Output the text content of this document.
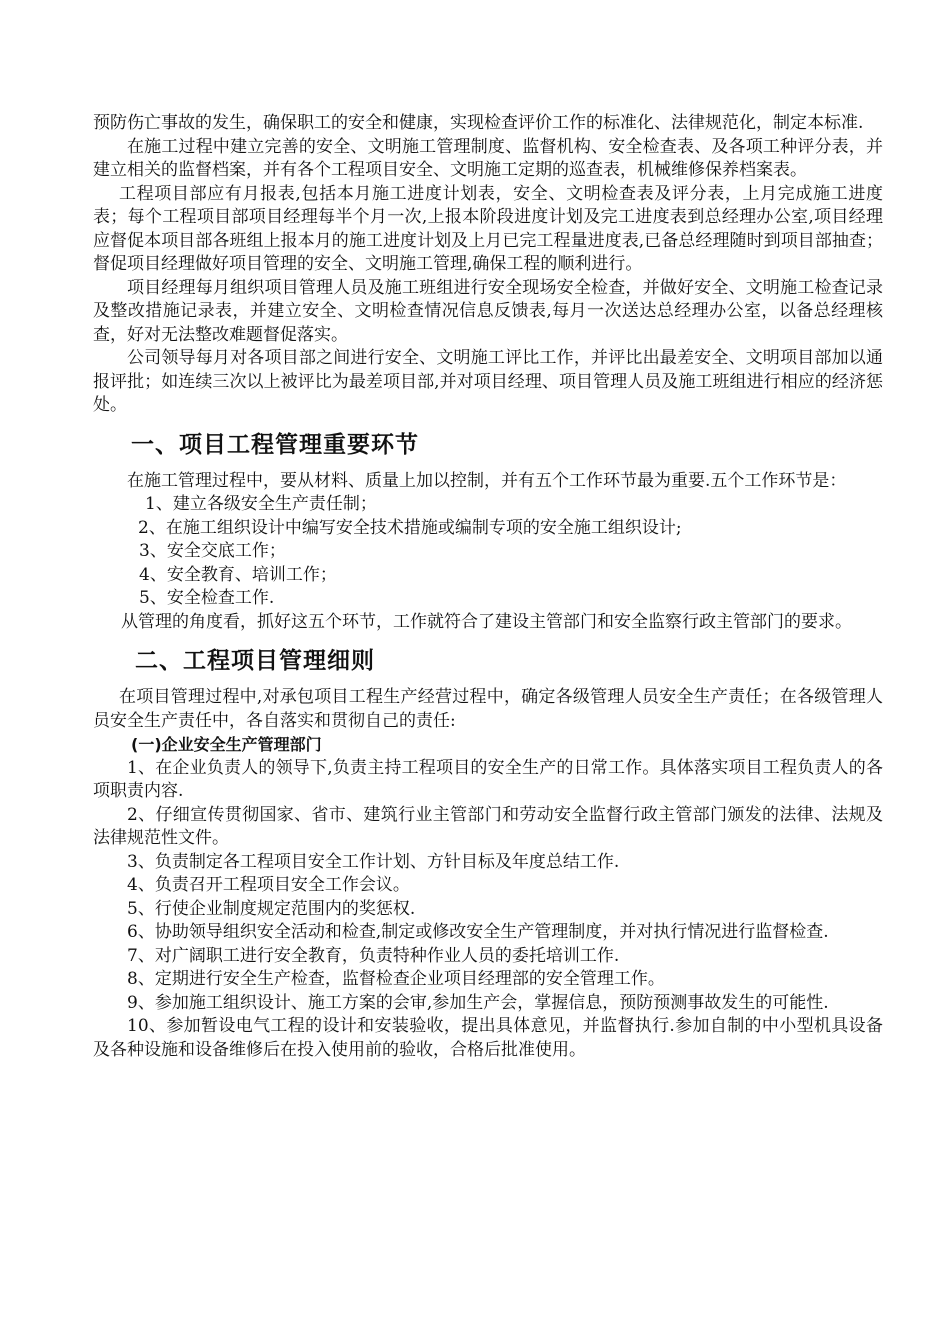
预防伤亡事故的发生，确保职工的安全和健康，实现检查评价工作的标准化、法律规范化，制定本标准.

在施工过程中建立完善的安全、文明施工管理制度、监督机构、安全检查表、及各项工种评分表，并建立相关的监督档案，并有各个工程项目安全、文明施工定期的巡查表，机械维修保养档案表。

工程项目部应有月报表,包括本月施工进度计划表，安全、文明检查表及评分表，上月完成施工进度表；每个工程项目部项目经理每半个月一次,上报本阶段进度计划及完工进度表到总经理办公室,项目经理应督促本项目部各班组上报本月的施工进度计划及上月已完工程量进度表,已备总经理随时到项目部抽查；督促项目经理做好项目管理的安全、文明施工管理,确保工程的顺利进行。

项目经理每月组织项目管理人员及施工班组进行安全现场安全检查，并做好安全、文明施工检查记录及整改措施记录表，并建立安全、文明检查情况信息反馈表,每月一次送达总经理办公室，以备总经理核查，好对无法整改难题督促落实。

公司领导每月对各项目部之间进行安全、文明施工评比工作，并评比出最差安全、文明项目部加以通报评批；如连续三次以上被评比为最差项目部,并对项目经理、项目管理人员及施工班组进行相应的经济惩处。

一、项目工程管理重要环节

在施工管理过程中，要从材料、质量上加以控制，并有五个工作环节最为重要.五个工作环节是：

1、建立各级安全生产责任制；

2、在施工组织设计中编写安全技术措施或编制专项的安全施工组织设计;

3、安全交底工作；

4、安全教育、培训工作；

5、安全检查工作.

从管理的角度看，抓好这五个环节，工作就符合了建设主管部门和安全监察行政主管部门的要求。

二、工程项目管理细则

在项目管理过程中,对承包项目工程生产经营过程中，确定各级管理人员安全生产责任；在各级管理人员安全生产责任中，各自落实和贯彻自己的责任:

(一)企业安全生产管理部门

1、在企业负责人的领导下,负责主持工程项目的安全生产的日常工作。具体落实项目工程负责人的各项职责内容.

2、仔细宣传贯彻国家、省市、建筑行业主管部门和劳动安全监督行政主管部门颁发的法律、法规及法律规范性文件。

3、负责制定各工程项目安全工作计划、方针目标及年度总结工作.

4、负责召开工程项目安全工作会议。

5、行使企业制度规定范围内的奖惩权.

6、协助领导组织安全活动和检查,制定或修改安全生产管理制度，并对执行情况进行监督检查.

7、对广阔职工进行安全教育，负责特种作业人员的委托培训工作.

8、定期进行安全生产检查，监督检查企业项目经理部的安全管理工作。

9、参加施工组织设计、施工方案的会审,参加生产会，掌握信息，预防预测事故发生的可能性.

10、参加暂设电气工程的设计和安装验收，提出具体意见，并监督执行.参加自制的中小型机具设备及各种设施和设备维修后在投入使用前的验收，合格后批准使用。
